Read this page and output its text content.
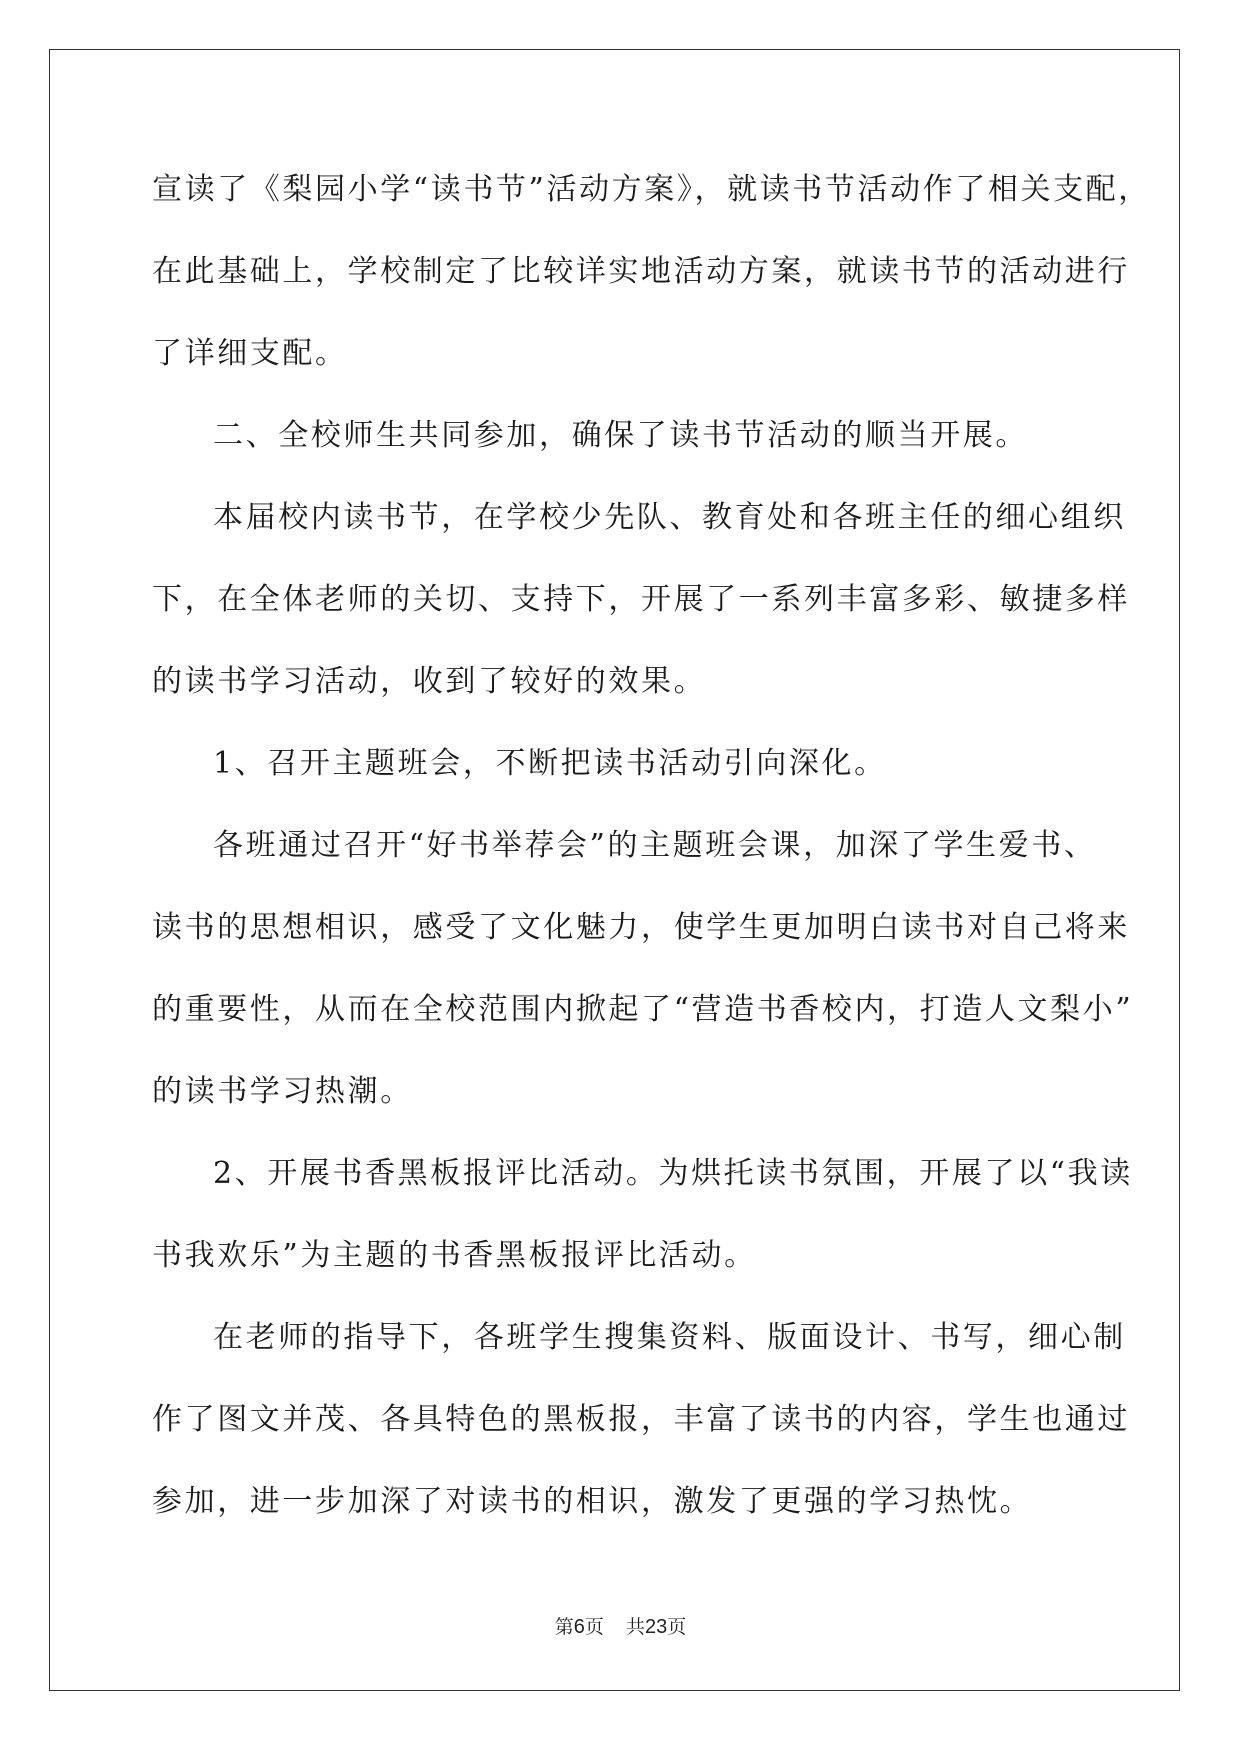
宣读了《梨园小学“读书节”活动方案》，就读书节活动作了相关支配，
在此基础上，学校制定了比较详实地活动方案，就读书节的活动进行
了详细支配。
二、全校师生共同参加，确保了读书节活动的顺当开展。
本届校内读书节，在学校少先队、教育处和各班主任的细心组织
下，在全体老师的关切、支持下，开展了一系列丰富多彩、敏捷多样
的读书学习活动，收到了较好的效果。
1、召开主题班会，不断把读书活动引向深化。
各班通过召开“好书举荐会”的主题班会课，加深了学生爱书、
读书的思想相识，感受了文化魅力，使学生更加明白读书对自己将来
的重要性，从而在全校范围内掀起了“营造书香校内，打造人文梨小”
的读书学习热潮。
2、开展书香黑板报评比活动。为烘托读书氛围，开展了以“我读
书我欢乐”为主题的书香黑板报评比活动。
在老师的指导下，各班学生搜集资料、版面设计、书写，细心制
作了图文并茂、各具特色的黑板报，丰富了读书的内容，学生也通过
参加，进一步加深了对读书的相识，激发了更强的学习热忱。
第6页 共23页
